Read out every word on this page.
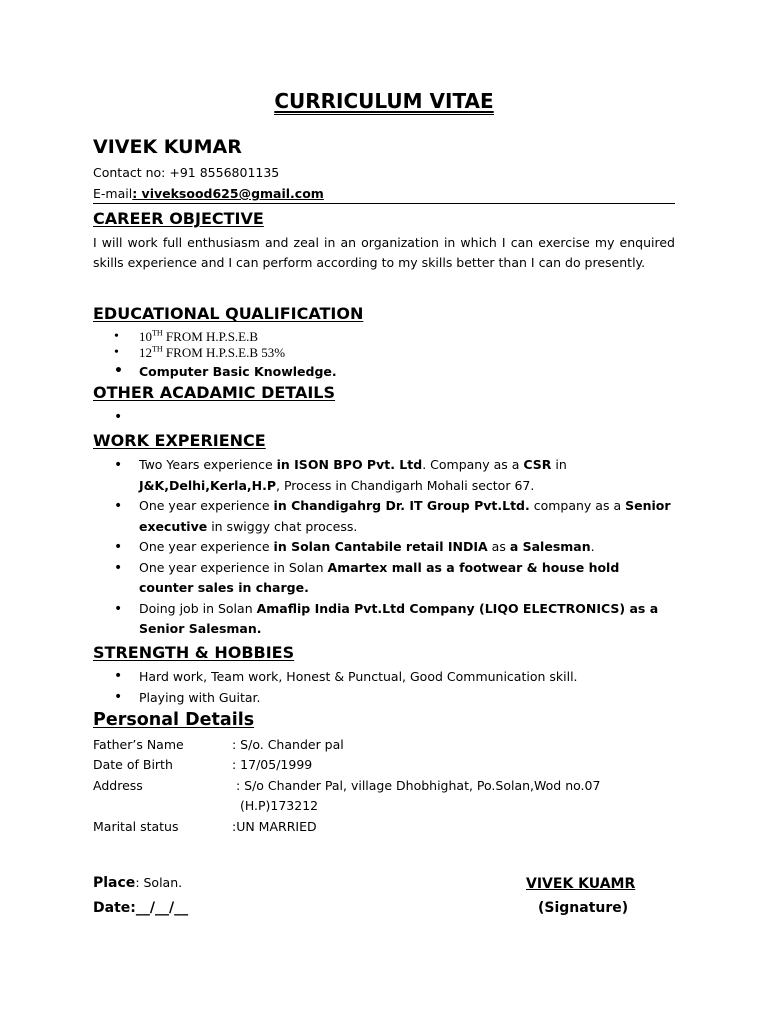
CURRICULUM VITAE
VIVEK KUMAR
Contact no: +91 8556801135
E-mail: viveksood625@gmail.com
CAREER OBJECTIVE
I will work full enthusiasm and zeal in an organization in which I can exercise my enquired skills experience and I can perform according to my skills better than I can do presently.
EDUCATIONAL QUALIFICATION
• 10TH FROM H.P.S.E.B
• 12TH FROM H.P.S.E.B 53%
• Computer Basic Knowledge.
OTHER ACADAMIC DETAILS
•
WORK EXPERIENCE
• Two Years experience in ISON BPO Pvt. Ltd. Company as a CSR in
J&K,Delhi,Kerla,H.P, Process in Chandigarh Mohali sector 67.
• One year experience in Chandigahrg Dr. IT Group Pvt.Ltd. company as a Senior executive in swiggy chat process.
• One year experience in Solan Cantabile retail INDIA as a Salesman.
• One year experience in Solan Amartex mall as a footwear & house hold counter sales in charge.
• Doing job in Solan Amaflip India Pvt.Ltd Company (LIQO ELECTRONICS) as a Senior Salesman.
STRENGTH & HOBBIES
• Hard work, Team work, Honest & Punctual, Good Communication skill.
• Playing with Guitar.
Personal Details
Father’s Name	: S/o. Chander pal
Date of Birth	: 17/05/1999
Address	: S/o Chander Pal, village Dhobhighat, Po.Solan,Wod no.07
(H.P)173212
Marital status	:UN MARRIED
Place: Solan.
Date:__/__/__
VIVEK KUAMR
(Signature)
